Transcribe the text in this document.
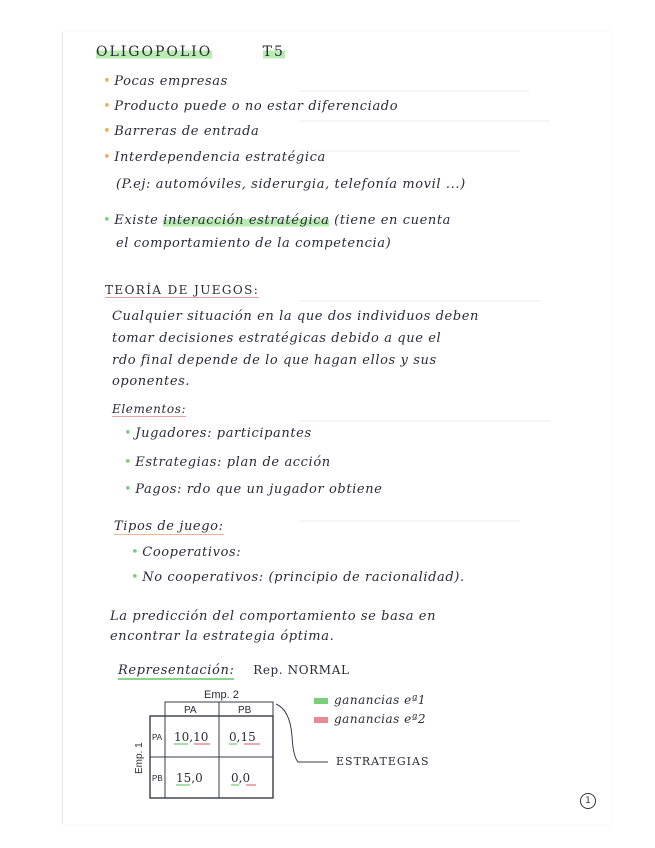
OLIGOPOLIO	T5
• Pocas empresas
• Producto puede o no estar diferenciado
• Barreras de entrada
• Interdependencia estratégica
(P.ej: automóviles, siderurgia, telefonía movil ...)
• Existe interacción estratégica (tiene en cuenta
el comportamiento de la competencia)
TEORÍA DE JUEGOS:
Cualquier situación en la que dos individuos deben
tomar decisiones estratégicas debido a que el
rdo final depende de lo que hagan ellos y sus
oponentes.
Elementos:
• Jugadores: participantes
• Estrategias: plan de acción
• Pagos: rdo que un jugador obtiene
Tipos de juego:
• Cooperativos:
• No cooperativos: (principio de racionalidad).
La predicción del comportamiento se basa en
encontrar la estrategia óptima.
Representación: Rep. NORMAL
Emp. 2
PA	PB
Emp. 1
PA
PB
10,10 0,15
15,0 0,0
ganancias eª1
ganancias eª2
ESTRATEGIAS
1
